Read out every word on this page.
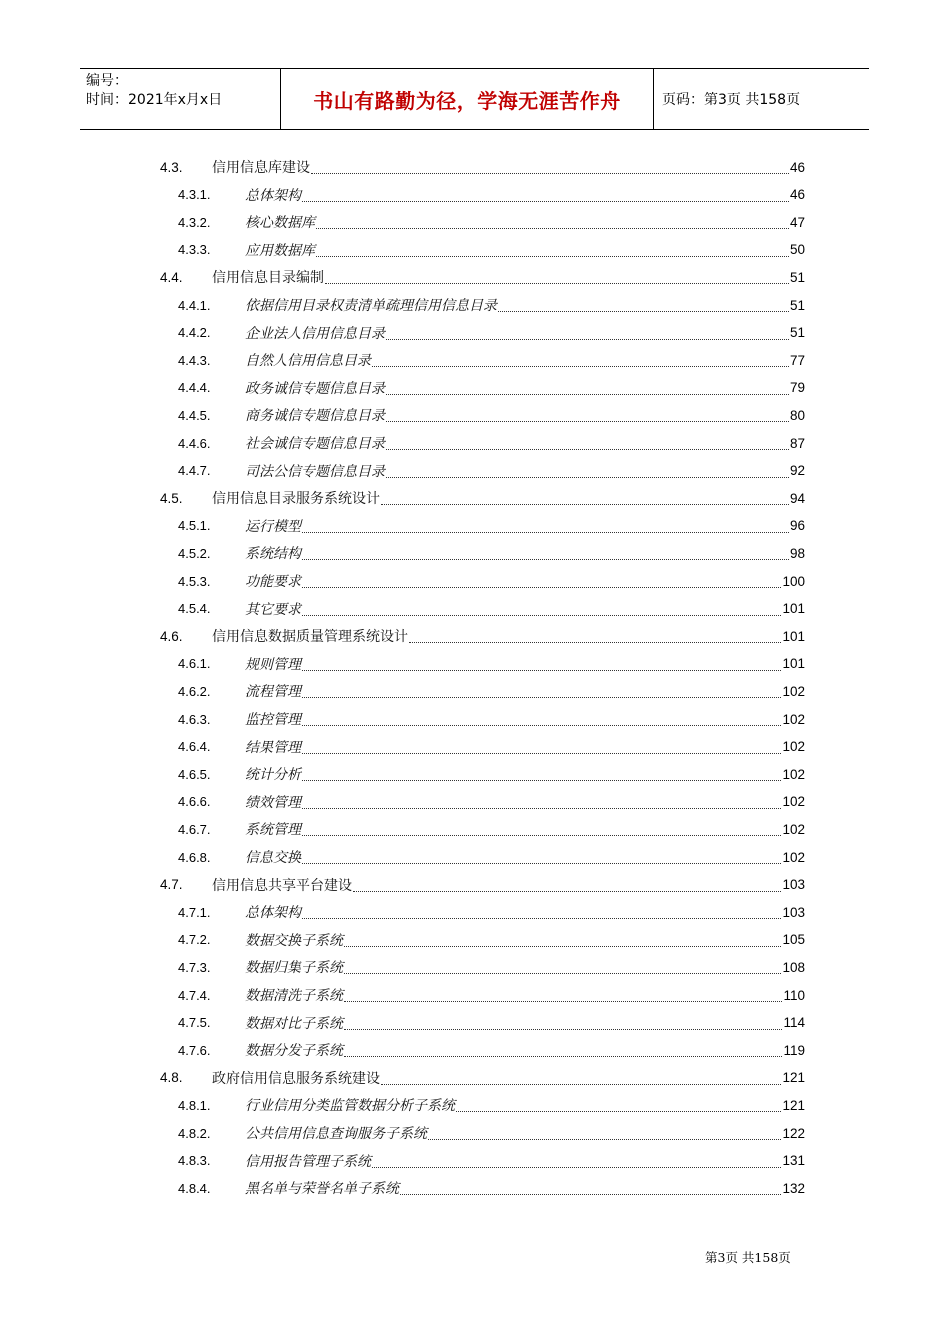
编号：
时间：2021年x月x日	书山有路勤为径，学海无涯苦作舟	页码：第3页 共158页
4.3. 信用信息库建设	46
4.3.1. 总体架构	46
4.3.2. 核心数据库	47
4.3.3. 应用数据库	50
4.4. 信用信息目录编制	51
4.4.1. 依据信用目录权责清单疏理信用信息目录	51
4.4.2. 企业法人信用信息目录	51
4.4.3. 自然人信用信息目录	77
4.4.4. 政务诚信专题信息目录	79
4.4.5. 商务诚信专题信息目录	80
4.4.6. 社会诚信专题信息目录	87
4.4.7. 司法公信专题信息目录	92
4.5. 信用信息目录服务系统设计	94
4.5.1. 运行模型	96
4.5.2. 系统结构	98
4.5.3. 功能要求	100
4.5.4. 其它要求	101
4.6. 信用信息数据质量管理系统设计	101
4.6.1. 规则管理	101
4.6.2. 流程管理	102
4.6.3. 监控管理	102
4.6.4. 结果管理	102
4.6.5. 统计分析	102
4.6.6. 绩效管理	102
4.6.7. 系统管理	102
4.6.8. 信息交换	102
4.7. 信用信息共享平台建设	103
4.7.1. 总体架构	103
4.7.2. 数据交换子系统	105
4.7.3. 数据归集子系统	108
4.7.4. 数据清洗子系统	110
4.7.5. 数据对比子系统	114
4.7.6. 数据分发子系统	119
4.8. 政府信用信息服务系统建设	121
4.8.1. 行业信用分类监管数据分析子系统	121
4.8.2. 公共信用信息查询服务子系统	122
4.8.3. 信用报告管理子系统	131
4.8.4. 黑名单与荣誉名单子系统	132
第3页 共158页
